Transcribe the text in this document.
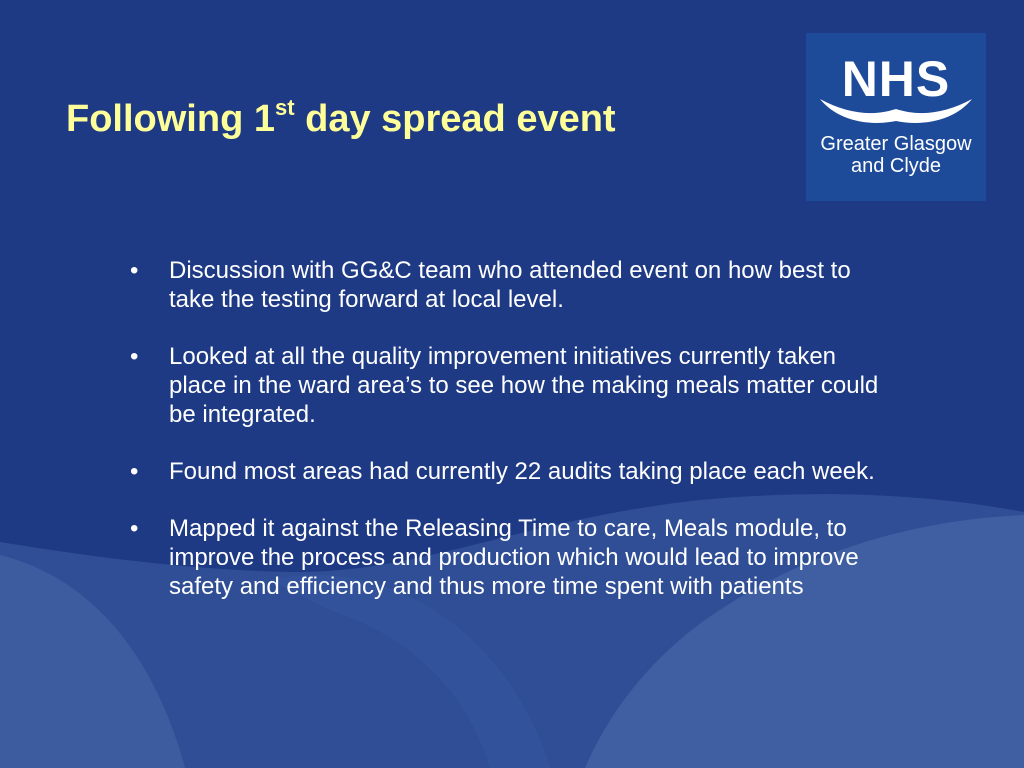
Following 1st day spread event
NHS
Greater Glasgow
and Clyde
• Discussion with GG&C team who attended event on how best to take the testing forward at local level.
• Looked at all the quality improvement initiatives currently taken place in the ward area’s to see how the making meals matter could be integrated.
• Found most areas had currently 22 audits taking place each week.
• Mapped it against the Releasing Time to care, Meals module, to improve the process and production which would lead to improve safety and efficiency and thus more time spent with patients
